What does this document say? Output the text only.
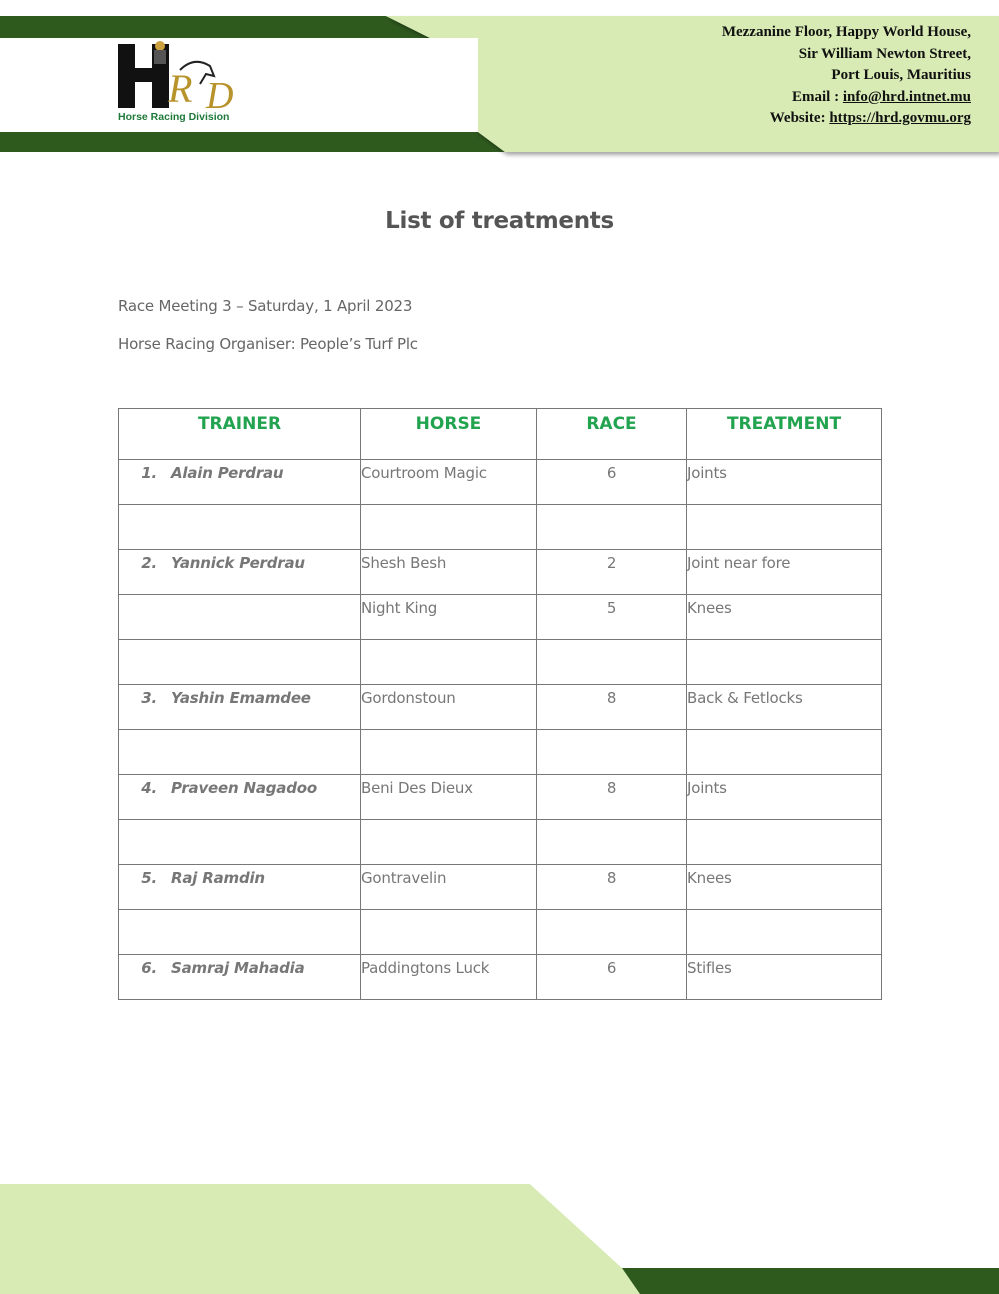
R D
Horse Racing Division
Mezzanine Floor, Happy World House,
Sir William Newton Street,
Port Louis, Mauritius
Email : info@hrd.intnet.mu
Website: https://hrd.govmu.org
List of treatments
Race Meeting 3 – Saturday, 1 April 2023
Horse Racing Organiser: People’s Turf Plc
TRAINER	HORSE	RACE	TREATMENT
1. Alain Perdrau	Courtroom Magic	6	Joints

2. Yannick Perdrau	Shesh Besh	2	Joint near fore
	Night King	5	Knees

3. Yashin Emamdee	Gordonstoun	8	Back & Fetlocks

4. Praveen Nagadoo	Beni Des Dieux	8	Joints

5. Raj Ramdin	Gontravelin	8	Knees

6. Samraj Mahadia	Paddingtons Luck	6	Stifles
